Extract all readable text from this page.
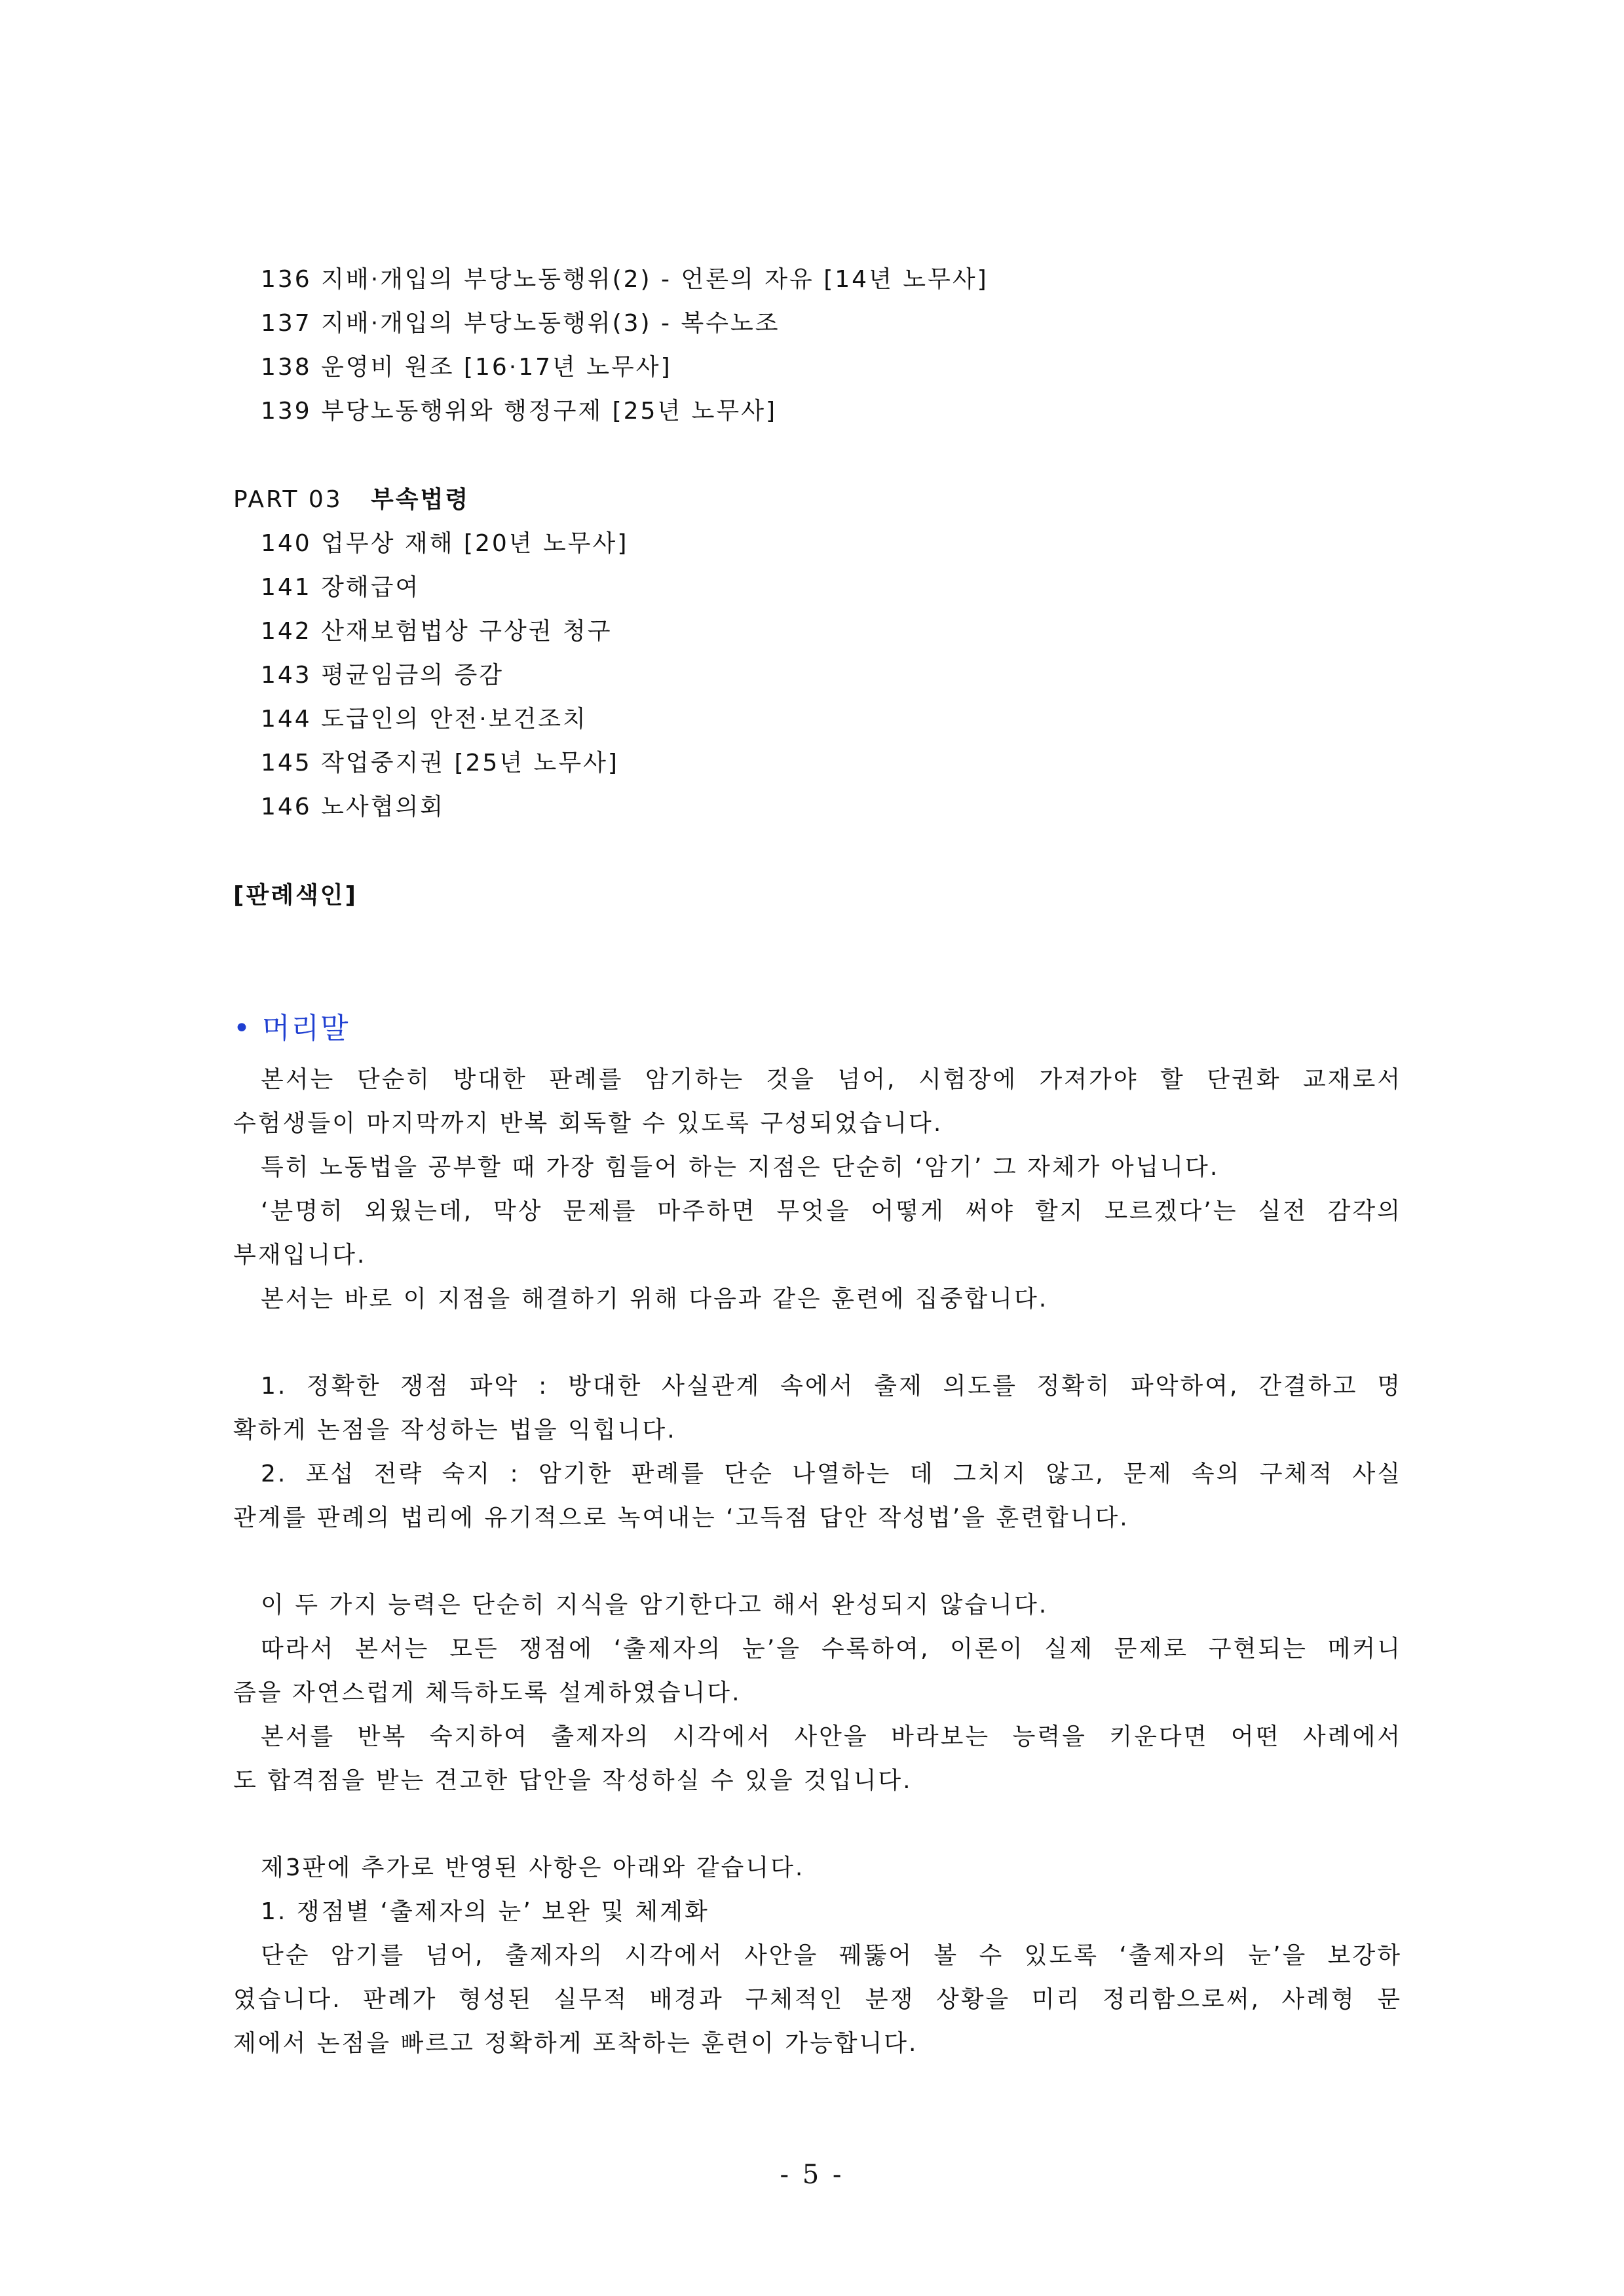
136 지배·개입의 부당노동행위(2) - 언론의 자유 [14년 노무사]
137 지배·개입의 부당노동행위(3) - 복수노조
138 운영비 원조 [16·17년 노무사]
139 부당노동행위와 행정구제 [25년 노무사]
PART 03 부속법령
140 업무상 재해 [20년 노무사]
141 장해급여
142 산재보험법상 구상권 청구
143 평균임금의 증감
144 도급인의 안전·보건조치
145 작업중지권 [25년 노무사]
146 노사협의회
[판례색인]
• 머리말
본서는 단순히 방대한 판례를 암기하는 것을 넘어, 시험장에 가져가야 할 단권화 교재로서
수험생들이 마지막까지 반복 회독할 수 있도록 구성되었습니다.
특히 노동법을 공부할 때 가장 힘들어 하는 지점은 단순히 ‘암기’ 그 자체가 아닙니다.
‘분명히 외웠는데, 막상 문제를 마주하면 무엇을 어떻게 써야 할지 모르겠다’는 실전 감각의
부재입니다.
본서는 바로 이 지점을 해결하기 위해 다음과 같은 훈련에 집중합니다.
1. 정확한 쟁점 파악 : 방대한 사실관계 속에서 출제 의도를 정확히 파악하여, 간결하고 명
확하게 논점을 작성하는 법을 익힙니다.
2. 포섭 전략 숙지 : 암기한 판례를 단순 나열하는 데 그치지 않고, 문제 속의 구체적 사실
관계를 판례의 법리에 유기적으로 녹여내는 ‘고득점 답안 작성법’을 훈련합니다.
이 두 가지 능력은 단순히 지식을 암기한다고 해서 완성되지 않습니다.
따라서 본서는 모든 쟁점에 ‘출제자의 눈’을 수록하여, 이론이 실제 문제로 구현되는 메커니
즘을 자연스럽게 체득하도록 설계하였습니다.
본서를 반복 숙지하여 출제자의 시각에서 사안을 바라보는 능력을 키운다면 어떤 사례에서
도 합격점을 받는 견고한 답안을 작성하실 수 있을 것입니다.
제3판에 추가로 반영된 사항은 아래와 같습니다.
1. 쟁점별 ‘출제자의 눈’ 보완 및 체계화
단순 암기를 넘어, 출제자의 시각에서 사안을 꿰뚫어 볼 수 있도록 ‘출제자의 눈’을 보강하
였습니다. 판례가 형성된 실무적 배경과 구체적인 분쟁 상황을 미리 정리함으로써, 사례형 문
제에서 논점을 빠르고 정확하게 포착하는 훈련이 가능합니다.
- 5 -
